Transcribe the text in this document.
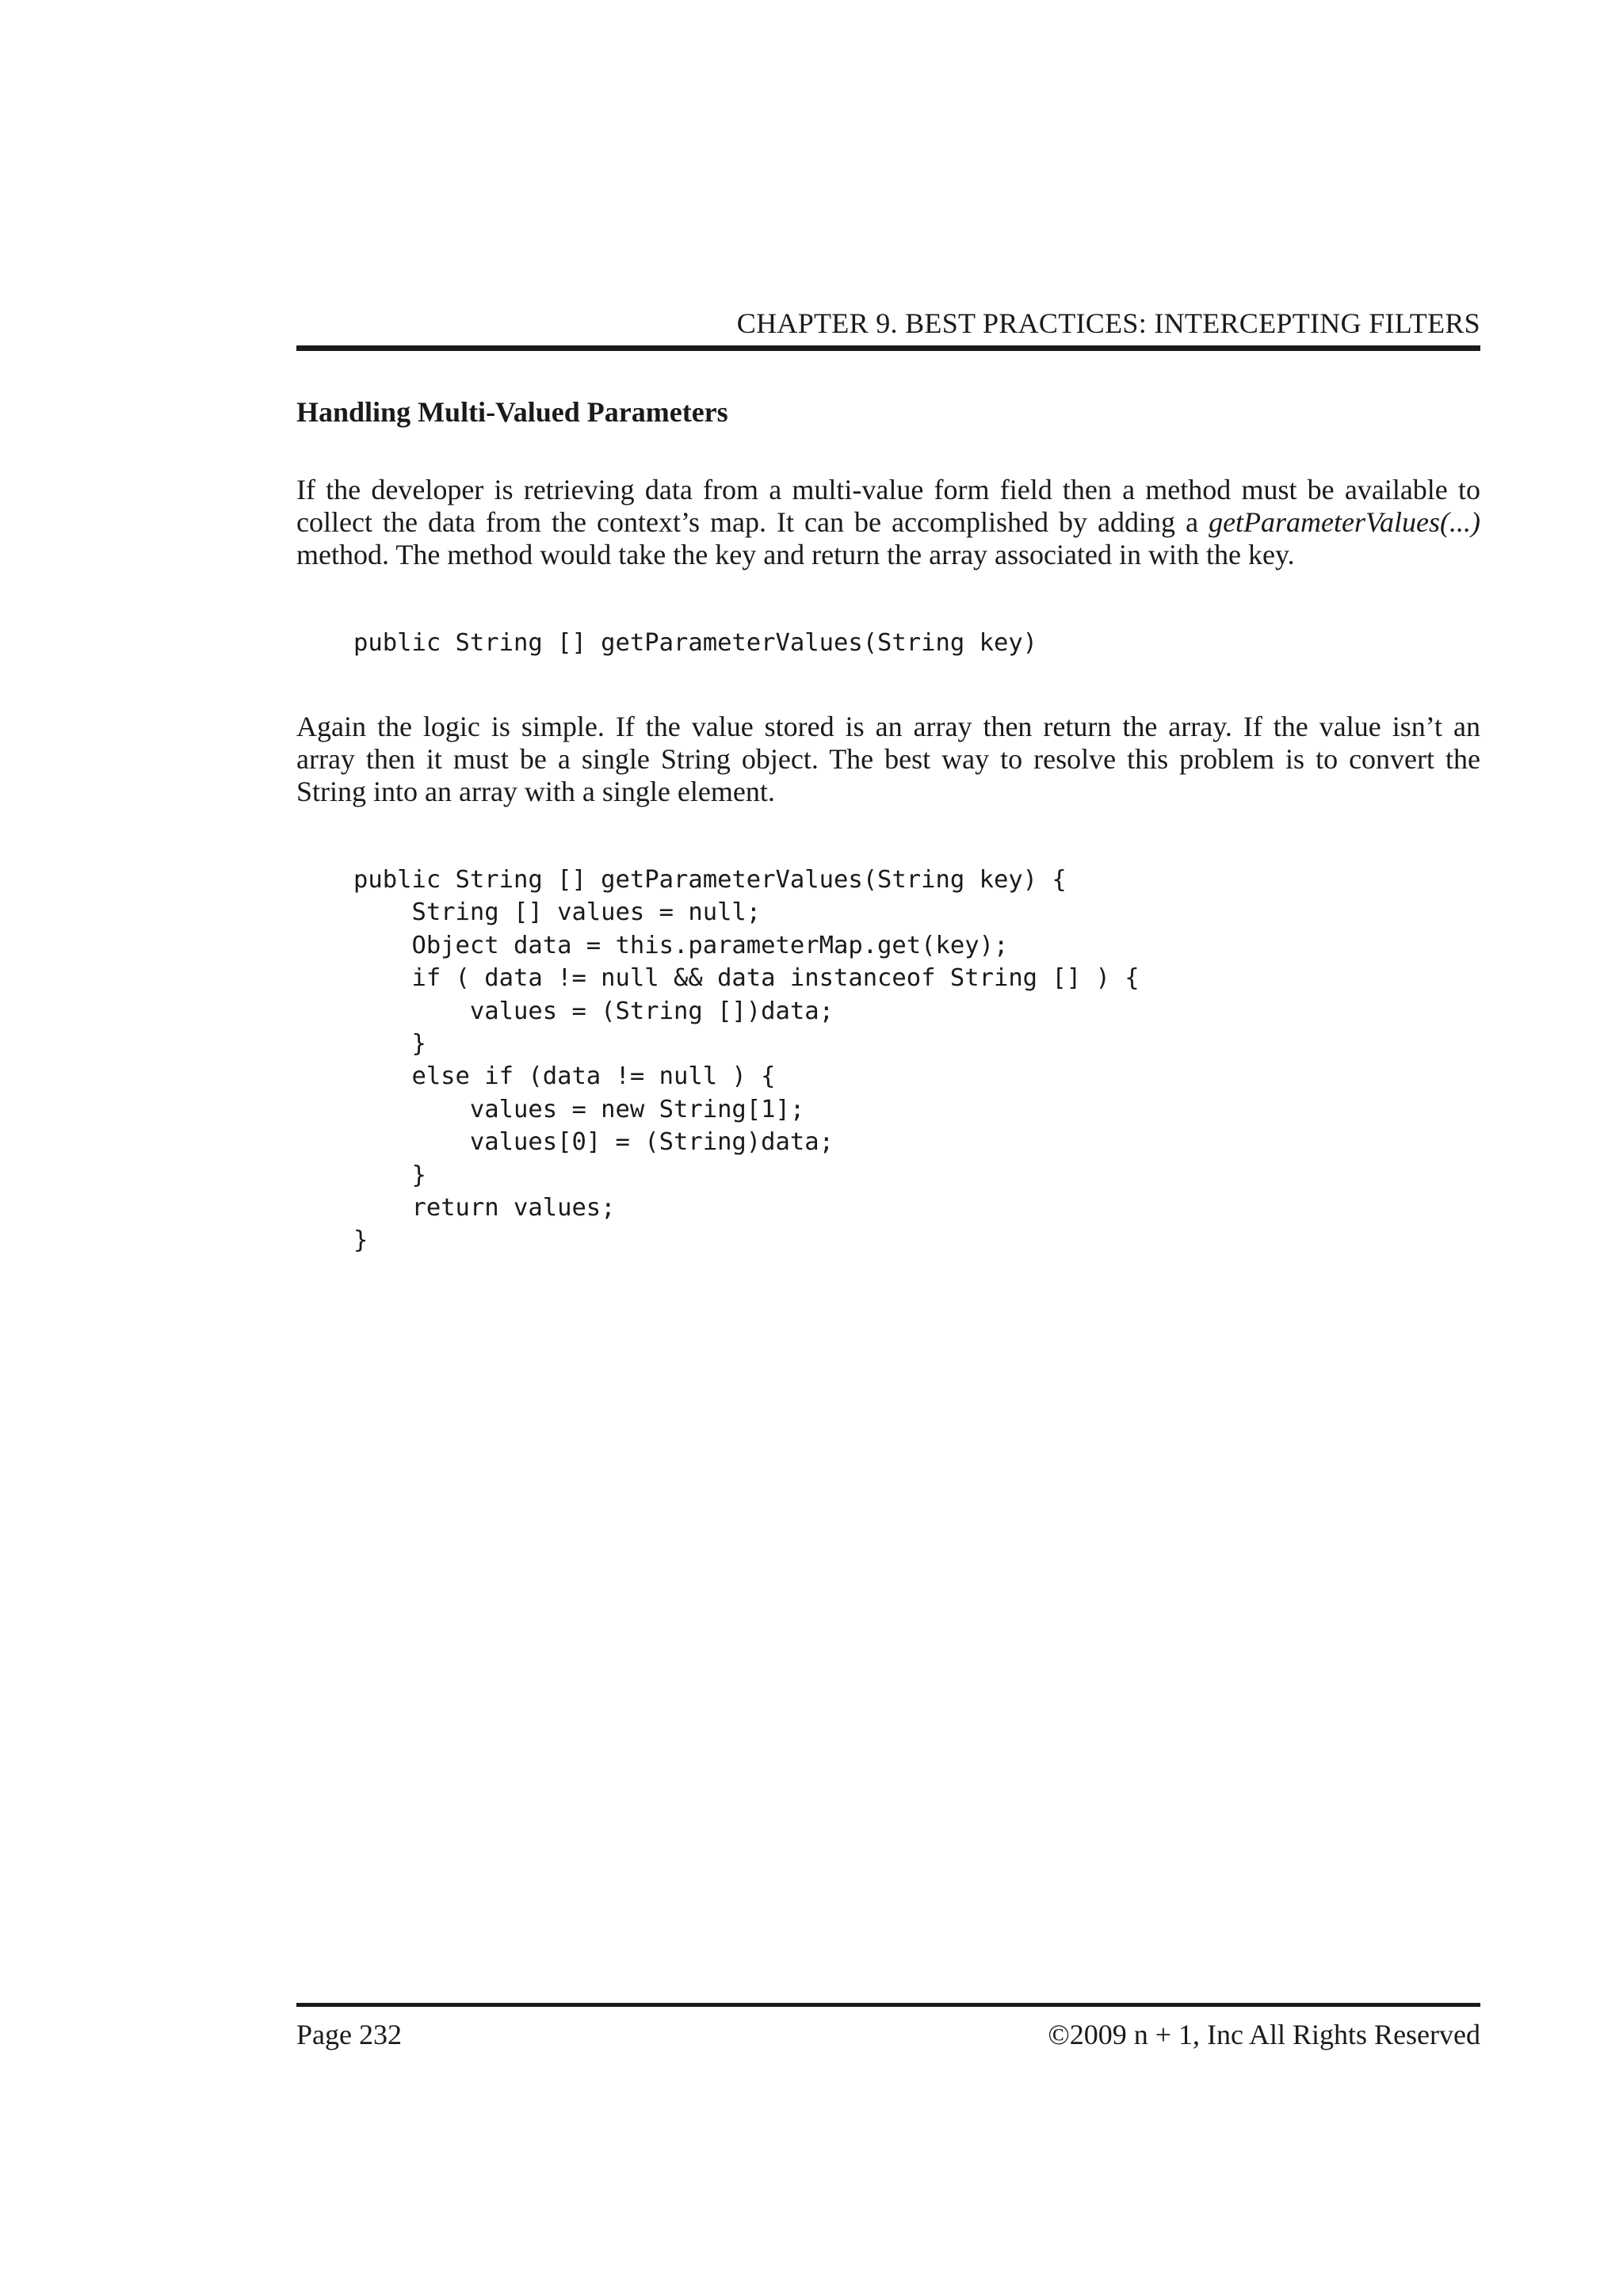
CHAPTER 9. BEST PRACTICES: INTERCEPTING FILTERS
Handling Multi-Valued Parameters
If the developer is retrieving data from a multi-value form field then a method must be available to
collect the data from the context’s map. It can be accomplished by adding a getParameterValues(...)
method. The method would take the key and return the array associated in with the key.
public String [] getParameterValues(String key)
Again the logic is simple. If the value stored is an array then return the array. If the value isn’t an
array then it must be a single String object. The best way to resolve this problem is to convert the
String into an array with a single element.
public String [] getParameterValues(String key) {
String [] values = null;
Object data = this.parameterMap.get(key);
if ( data != null && data instanceof String [] ) {
values = (String [])data;
}
else if (data != null ) {
values = new String[1];
values[0] = (String)data;
}
return values;
}
Page 232	©2009 n + 1, Inc All Rights Reserved
